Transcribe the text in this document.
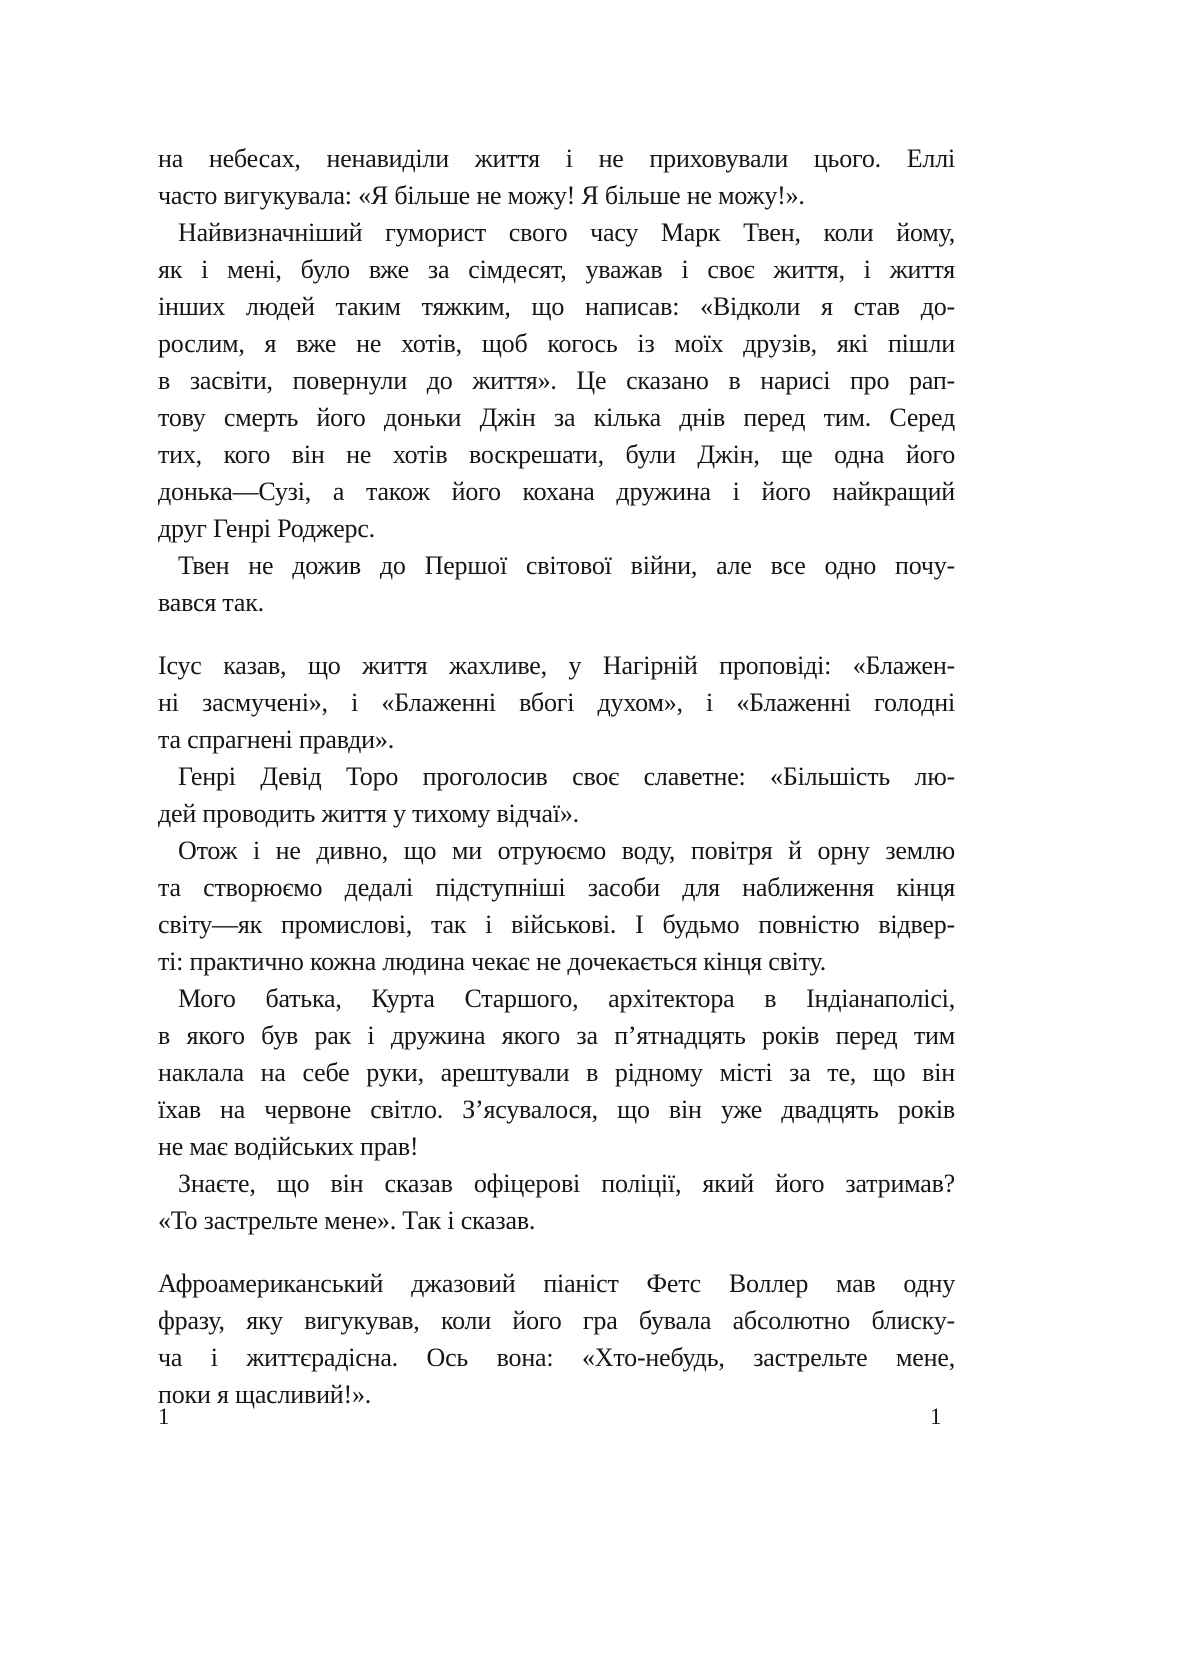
на небесах, ненавиділи життя і не приховували цього. Еллі
часто вигукувала: «Я більше не можу! Я більше не можу!».
Найвизначніший гуморист свого часу Марк Твен, коли йому,
як і мені, було вже за сімдесят, уважав і своє життя, і життя
інших людей таким тяжким, що написав: «Відколи я став до-
рослим, я вже не хотів, щоб когось із моїх друзів, які пішли
в засвіти, повернули до життя». Це сказано в нарисі про рап-
тову смерть його доньки Джін за кілька днів перед тим. Серед
тих, кого він не хотів воскрешати, були Джін, ще одна його
донька—Сузі, а також його кохана дружина і його найкращий
друг Генрі Роджерс.
Твен не дожив до Першої світової війни, але все одно почу-
вався так.
Ісус казав, що життя жахливе, у Нагірній проповіді: «Блажен-
ні засмучені», і «Блаженні вбогі духом», і «Блаженні голодні
та спрагнені правди».
Генрі Девід Торо проголосив своє славетне: «Більшість лю-
дей проводить життя у тихому відчаї».
Отож і не дивно, що ми отруюємо воду, повітря й орну землю
та створюємо дедалі підступніші засоби для наближення кінця
світу—як промислові, так і військові. І будьмо повністю відвер-
ті: практично кожна людина чекає не дочекається кінця світу.
Мого батька, Курта Старшого, архітектора в Індіанаполісі,
в якого був рак і дружина якого за п’ятнадцять років перед тим
наклала на себе руки, арештували в рідному місті за те, що він
їхав на червоне світло. З’ясувалося, що він уже двадцять років
не має водійських прав!
Знаєте, що він сказав офіцерові поліції, який його затримав?
«То застрельте мене». Так і сказав.
Афроамериканський джазовий піаніст Фетс Воллер мав одну
фразу, яку вигукував, коли його гра бувала абсолютно блиску-
ча і життєрадісна. Ось вона: «Хто-небудь, застрельте мене,
поки я щасливий!».
1	1
